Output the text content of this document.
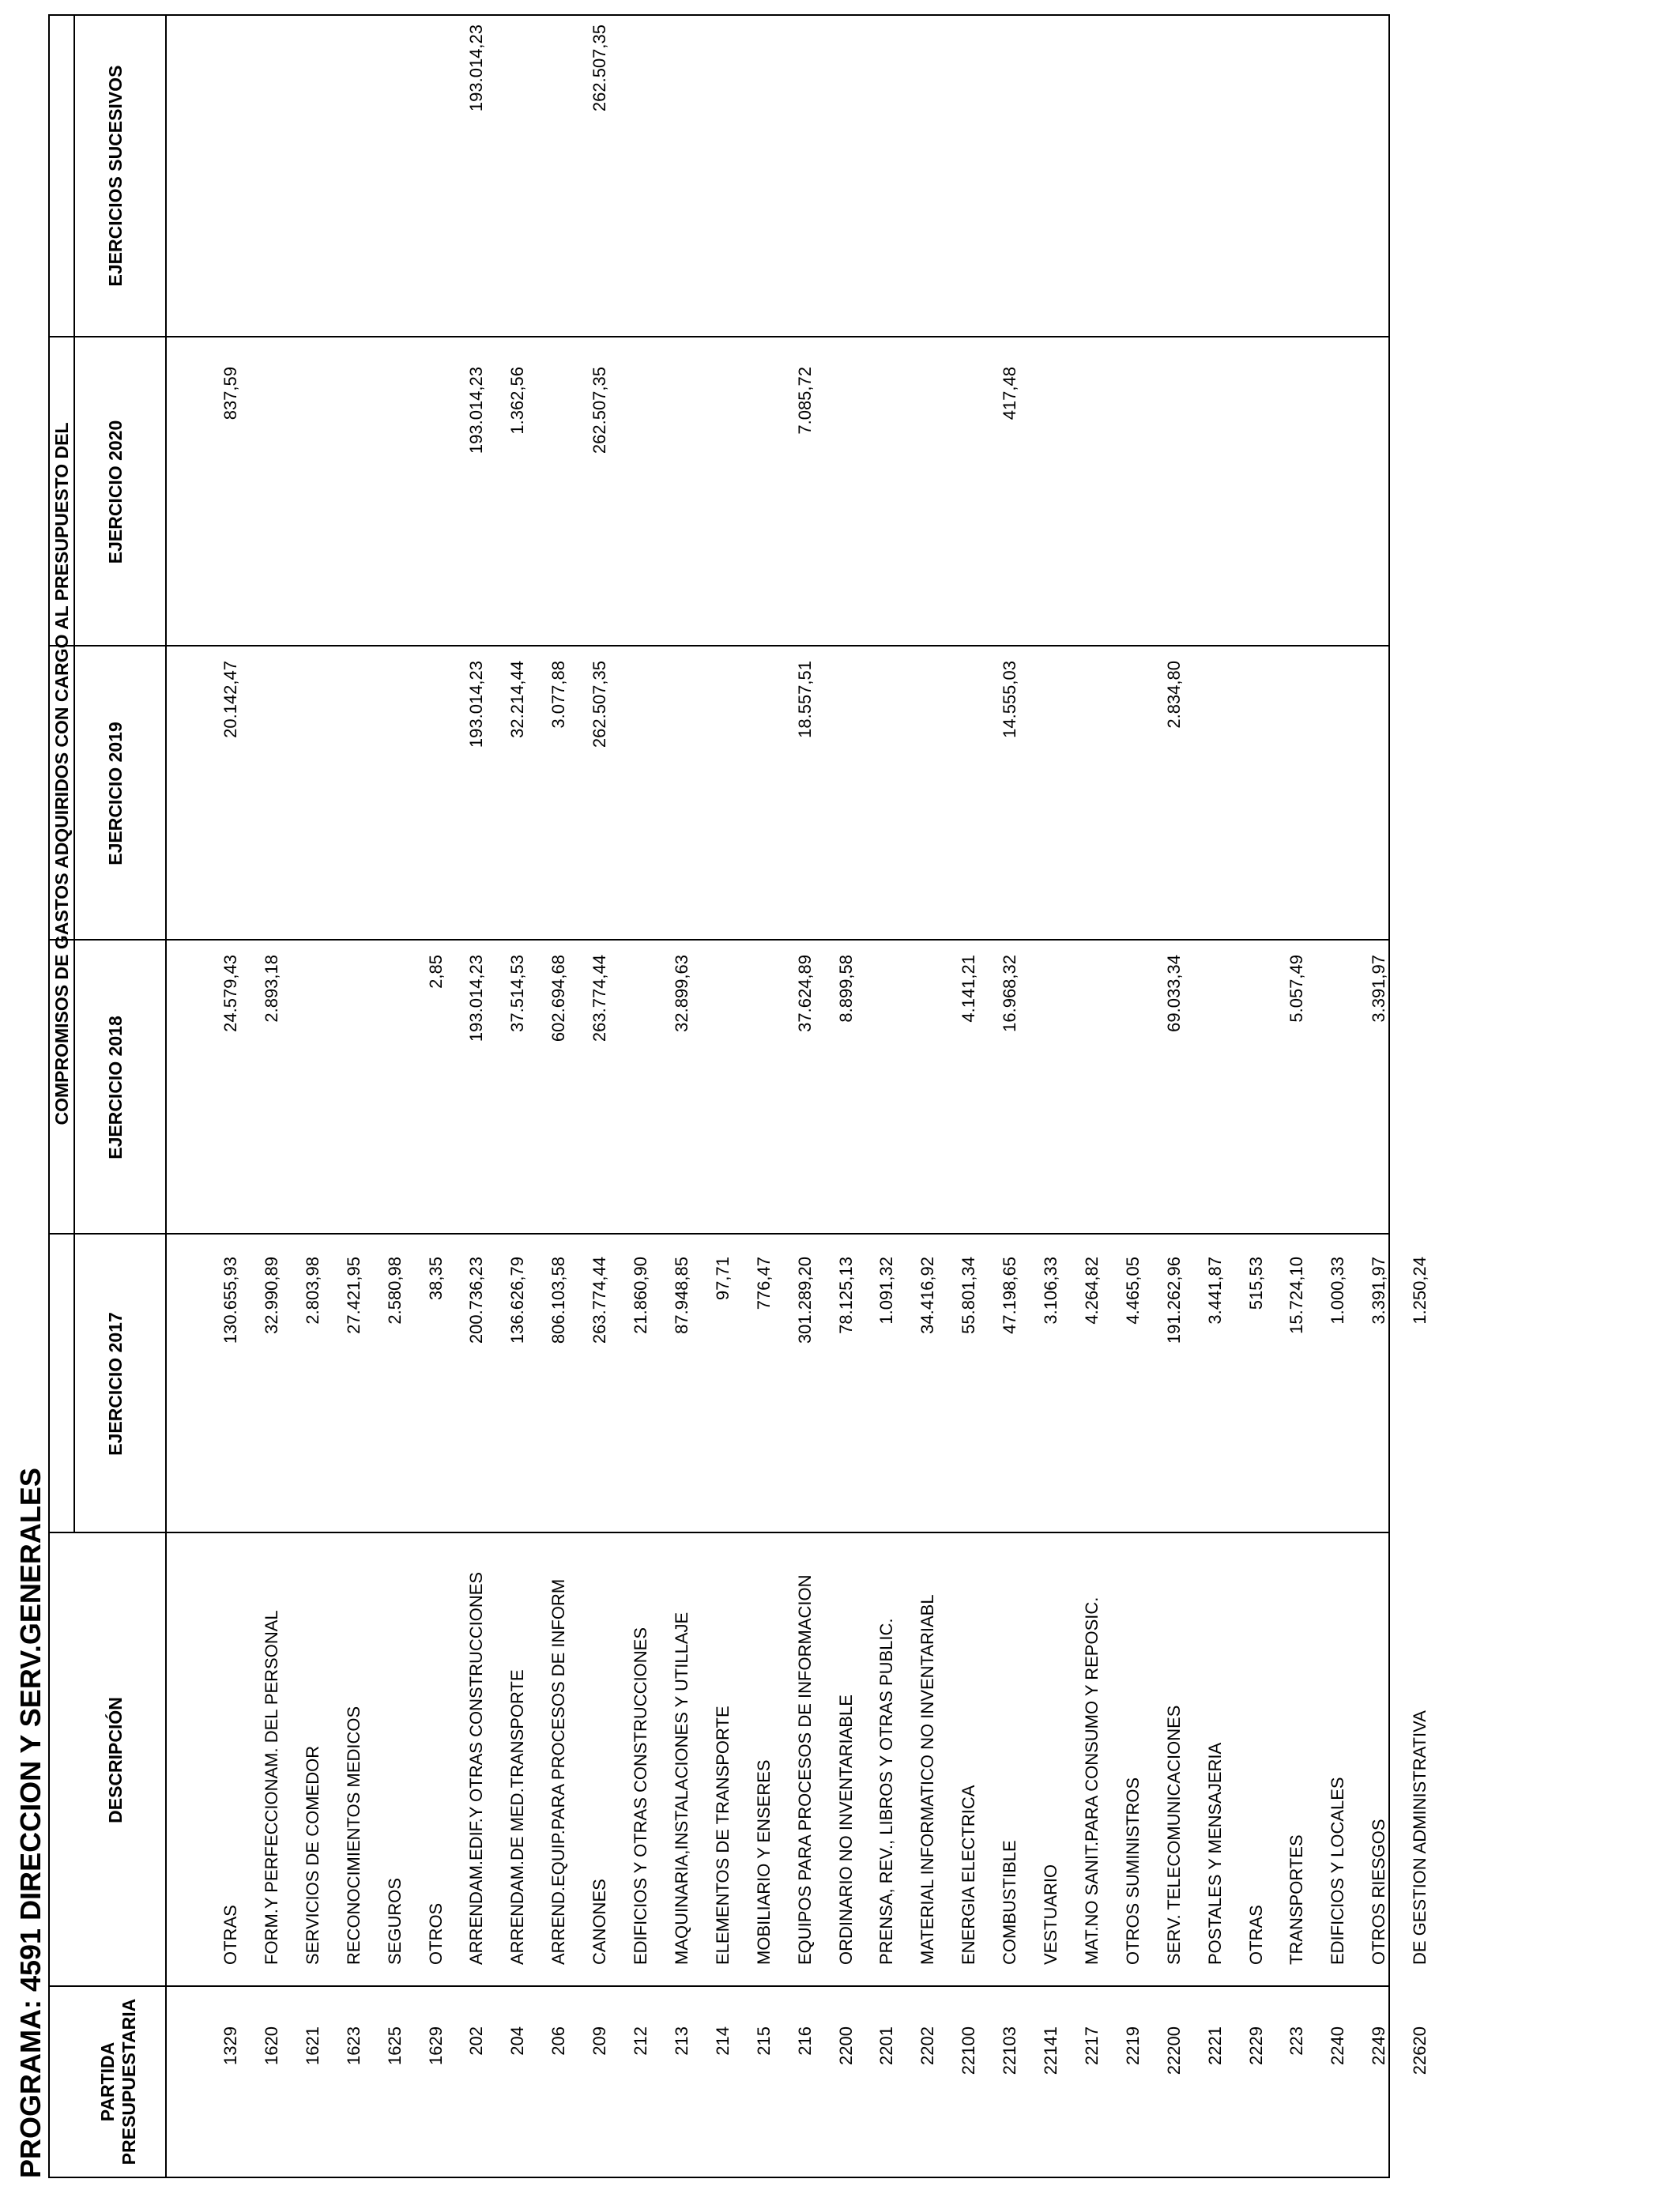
PROGRAMA: 4591 DIRECCION Y SERV.GENERALES	PARTIDA PRESUPUESTARIA
DESCRIPCIÓN
COMPROMISOS DE GASTOS ADQUIRIDOS CON CARGO AL PRESUPUESTO DEL
EJERCICIO 2017
EJERCICIO 2018
EJERCICIO 2019
EJERCICIO 2020
EJERCICIOS SUCESIVOS
1329
OTRAS
130.655,93
24.579,43
20.142,47
837,59
1620
FORM.Y PERFECCIONAM. DEL PERSONAL
32.990,89
2.893,18
1621
SERVICIOS DE COMEDOR
2.803,98
1623
RECONOCIMIENTOS MEDICOS
27.421,95
1625
SEGUROS
2.580,98
1629
OTROS
38,35
2,85
202
ARRENDAM.EDIF.Y OTRAS CONSTRUCCIONES
200.736,23
193.014,23
193.014,23
193.014,23
193.014,23
204
ARRENDAM.DE MED.TRANSPORTE
136.626,79
37.514,53
32.214,44
1.362,56
206
ARREND.EQUIP.PARA PROCESOS DE INFORM
806.103,58
602.694,68
3.077,88
209
CANONES
263.774,44
263.774,44
262.507,35
262.507,35
262.507,35
212
EDIFICIOS Y OTRAS CONSTRUCCIONES
21.860,90
213
MAQUINARIA,INSTALACIONES Y UTILLAJE
87.948,85
32.899,63
214
ELEMENTOS DE TRANSPORTE
97,71
215
MOBILIARIO Y ENSERES
776,47
216
EQUIPOS PARA PROCESOS DE INFORMACION
301.289,20
37.624,89
18.557,51
7.085,72
2200
ORDINARIO NO INVENTARIABLE
78.125,13
8.899,58
2201
PRENSA, REV., LIBROS Y OTRAS PUBLIC.
1.091,32
2202
MATERIAL INFORMATICO NO INVENTARIABL
34.416,92
22100
ENERGIA ELECTRICA
55.801,34
4.141,21
22103
COMBUSTIBLE
47.198,65
16.968,32
14.555,03
417,48
22141
VESTUARIO
3.106,33
2217
MAT.NO SANIT.PARA CONSUMO Y REPOSIC.
4.264,82
2219
OTROS SUMINISTROS
4.465,05
22200
SERV. TELECOMUNICACIONES
191.262,96
69.033,34
2.834,80
2221
POSTALES Y MENSAJERIA
3.441,87
2229
OTRAS
515,53
223
TRANSPORTES
15.724,10
5.057,49
2240
EDIFICIOS Y LOCALES
1.000,33
2249
OTROS RIESGOS
3.391,97
3.391,97
22620
DE GESTION ADMINISTRATIVA
1.250,24
